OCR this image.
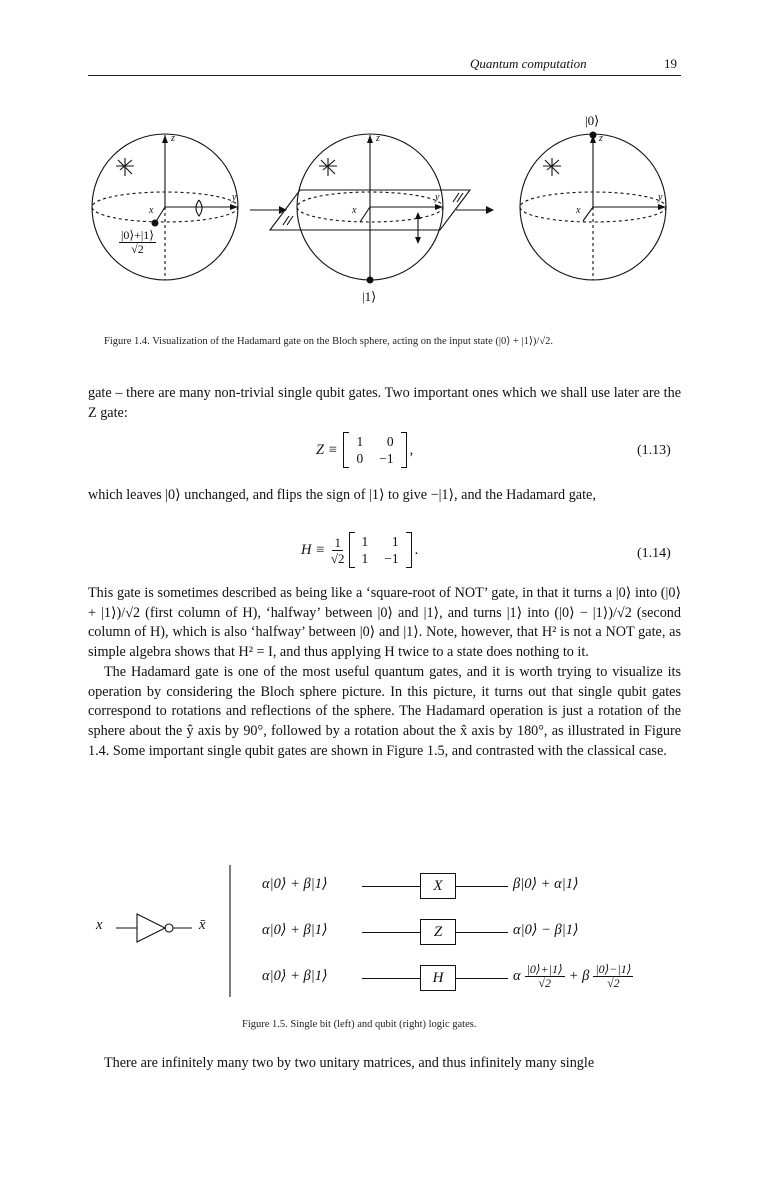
Quantum computation	19
z
y
x
z
y
x
z
y
x
$\frac{|0⟩+|1⟩}{√2}$
|1⟩
|0⟩
Figure 1.4. Visualization of the Hadamard gate on the Bloch sphere, acting on the input state (|0⟩ + |1⟩)/√2.

gate – there are many non-trivial single qubit gates. Two important ones which we shall use later are the Z gate:

Z ≡ 1	0
0 −1
,	(1.13)

which leaves |0⟩ unchanged, and flips the sign of |1⟩ to give −|1⟩, and the Hadamard gate,

$H \equiv \frac{1}{√2} 1$	1
1 −1
.	(1.14)

This gate is sometimes described as being like a ‘square-root of NOT’ gate, in that it turns a |0⟩ into (|0⟩ + |1⟩)/√2 (first column of H), ‘halfway’ between |0⟩ and |1⟩, and turns |1⟩ into (|0⟩ − |1⟩)/√2 (second column of H), which is also ‘halfway’ between |0⟩ and |1⟩. Note, however, that H² is not a NOT gate, as simple algebra shows that H² = I, and thus applying H twice to a state does nothing to it.

The Hadamard gate is one of the most useful quantum gates, and it is worth trying to visualize its operation by considering the Bloch sphere picture. In this picture, it turns out that single qubit gates correspond to rotations and reflections of the sphere. The Hadamard operation is just a rotation of the sphere about the ŷ axis by 90°, followed by a rotation about the x̂ axis by 180°, as illustrated in Figure 1.4. Some important single qubit gates are shown in Figure 1.5, and contrasted with the classical case.

x	x̄
α|0⟩ + β|1⟩	X	β|0⟩ + α|1⟩
α|0⟩ + β|1⟩	Z	α|0⟩ − β|1⟩
α|0⟩ + β|1⟩	H	α $\frac{|0⟩+|1⟩}{√2} + \beta \frac{|0⟩-|1⟩}{√2}$
Figure 1.5. Single bit (left) and qubit (right) logic gates.

There are infinitely many two by two unitary matrices, and thus infinitely many single
